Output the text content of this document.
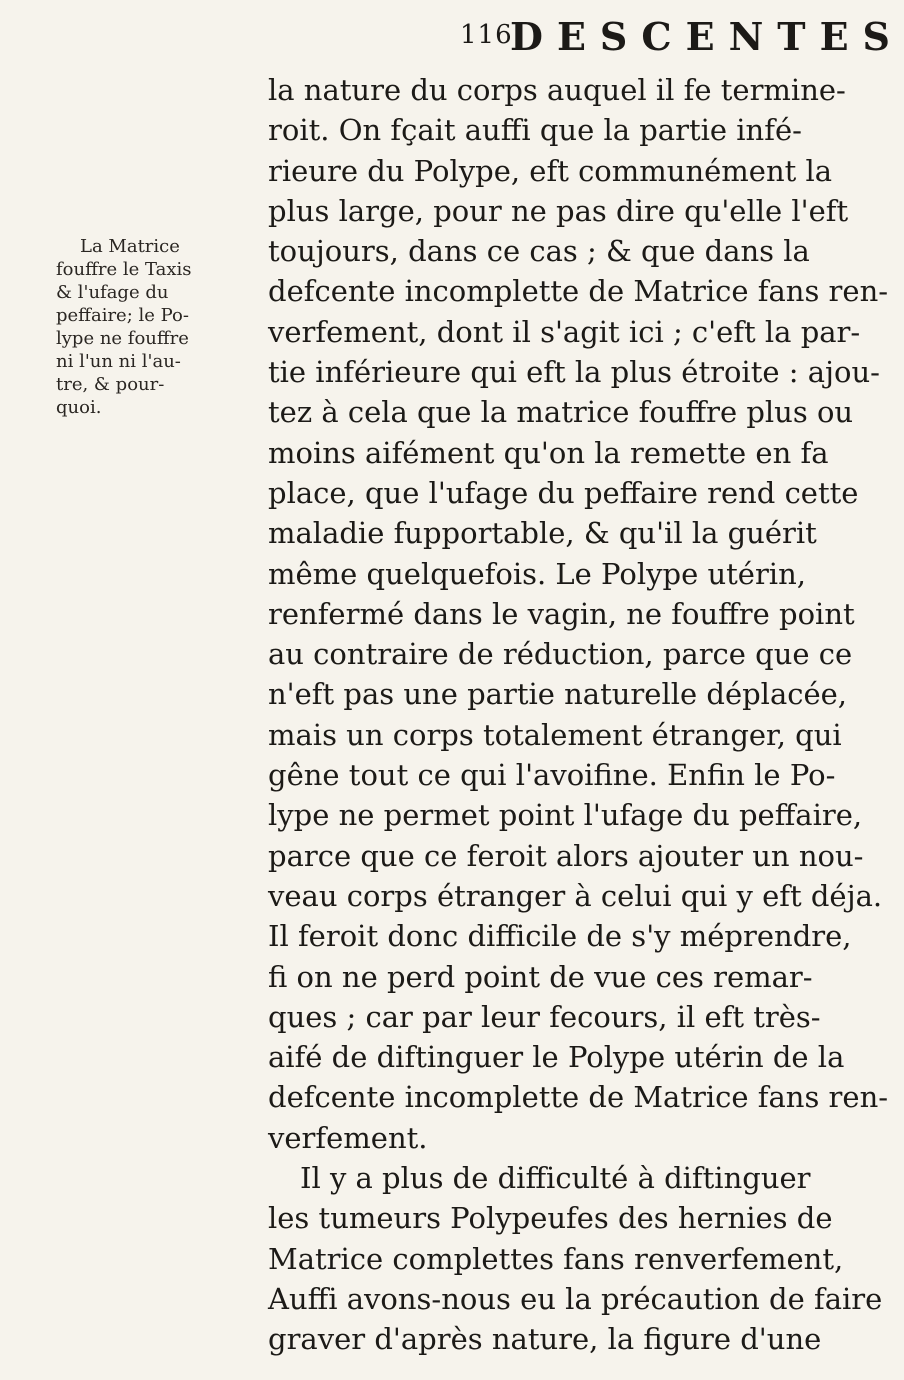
116
DESCENTES
La Matrice
fouffre le Taxis
& l'ufage du
peffaire; le Po-
lype ne fouffre
ni l'un ni l'au-
tre, & pour-
quoi.
la nature du corps auquel il fe termine-
roit. On fçait auffi que la partie infé-
rieure du Polype, eft communément la
plus large, pour ne pas dire qu'elle l'eft
toujours, dans ce cas ; & que dans la
defcente incomplette de Matrice fans ren-
verfement, dont il s'agit ici ; c'eft la par-
tie inférieure qui eft la plus étroite : ajou-
tez à cela que la matrice fouffre plus ou
moins aifément qu'on la remette en fa
place, que l'ufage du peffaire rend cette
maladie fupportable, & qu'il la guérit
même quelquefois. Le Polype utérin,
renfermé dans le vagin, ne fouffre point
au contraire de réduction, parce que ce
n'eft pas une partie naturelle déplacée,
mais un corps totalement étranger, qui
gêne tout ce qui l'avoifine. Enfin le Po-
lype ne permet point l'ufage du peffaire,
parce que ce feroit alors ajouter un nou-
veau corps étranger à celui qui y eft déja.
Il feroit donc difficile de s'y méprendre,
fi on ne perd point de vue ces remar-
ques ; car par leur fecours, il eft très-
aifé de diftinguer le Polype utérin de la
defcente incomplette de Matrice fans ren-
verfement.
Il y a plus de difficulté à diftinguer
les tumeurs Polypeufes des hernies de
Matrice complettes fans renverfement,
Auffi avons-nous eu la précaution de faire
graver d'après nature, la figure d'une
